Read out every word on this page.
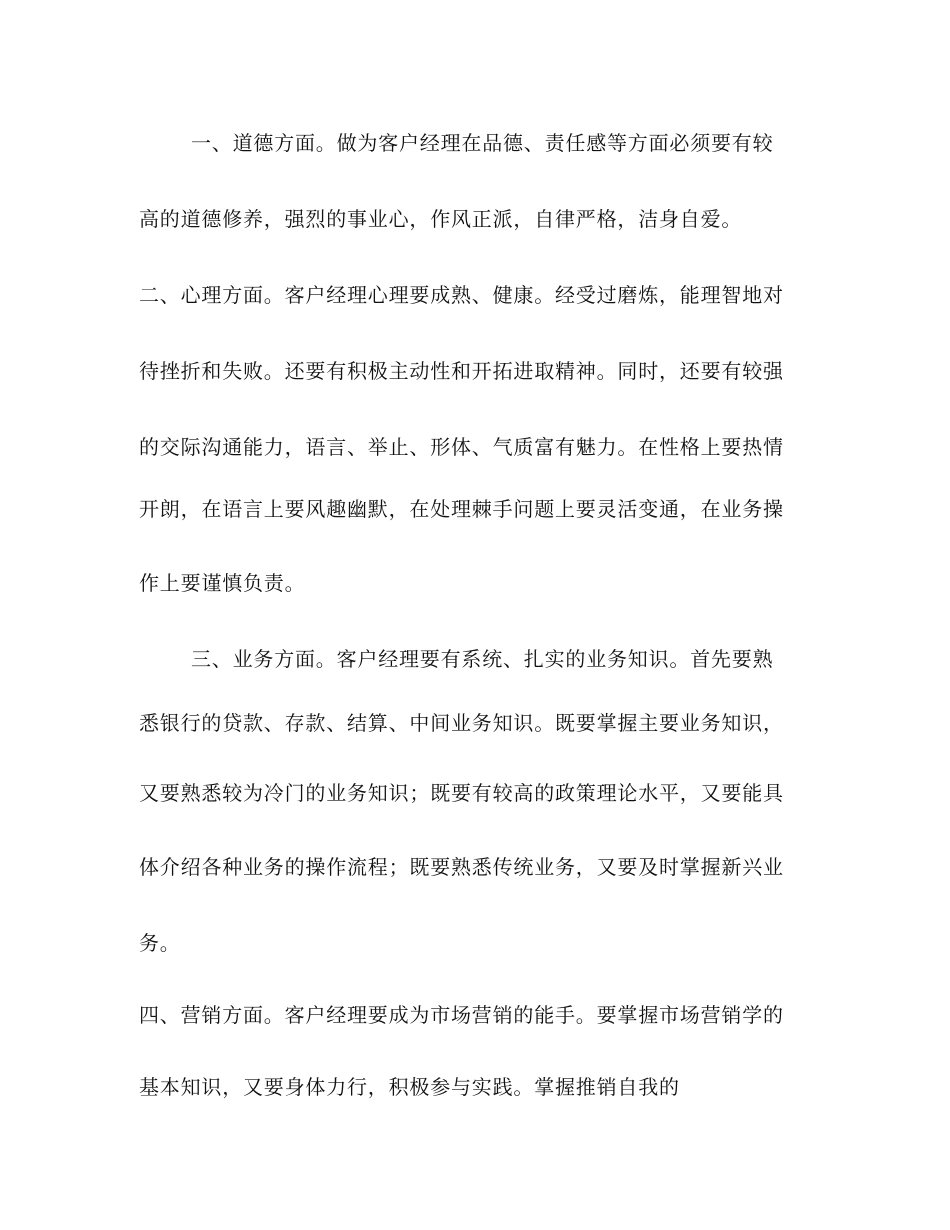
一、道德方面。做为客户经理在品德、责任感等方面必须要有较
高的道德修养，强烈的事业心，作风正派，自律严格，洁身自爱。
二、心理方面。客户经理心理要成熟、健康。经受过磨炼，能理智地对
待挫折和失败。还要有积极主动性和开拓进取精神。同时，还要有较强
的交际沟通能力，语言、举止、形体、气质富有魅力。在性格上要热情
开朗，在语言上要风趣幽默，在处理棘手问题上要灵活变通，在业务操
作上要谨慎负责。
三、业务方面。客户经理要有系统、扎实的业务知识。首先要熟
悉银行的贷款、存款、结算、中间业务知识。既要掌握主要业务知识，
又要熟悉较为冷门的业务知识；既要有较高的政策理论水平，又要能具
体介绍各种业务的操作流程；既要熟悉传统业务，又要及时掌握新兴业
务。
四、营销方面。客户经理要成为市场营销的能手。要掌握市场营销学的
基本知识，又要身体力行，积极参与实践。掌握推销自我的
